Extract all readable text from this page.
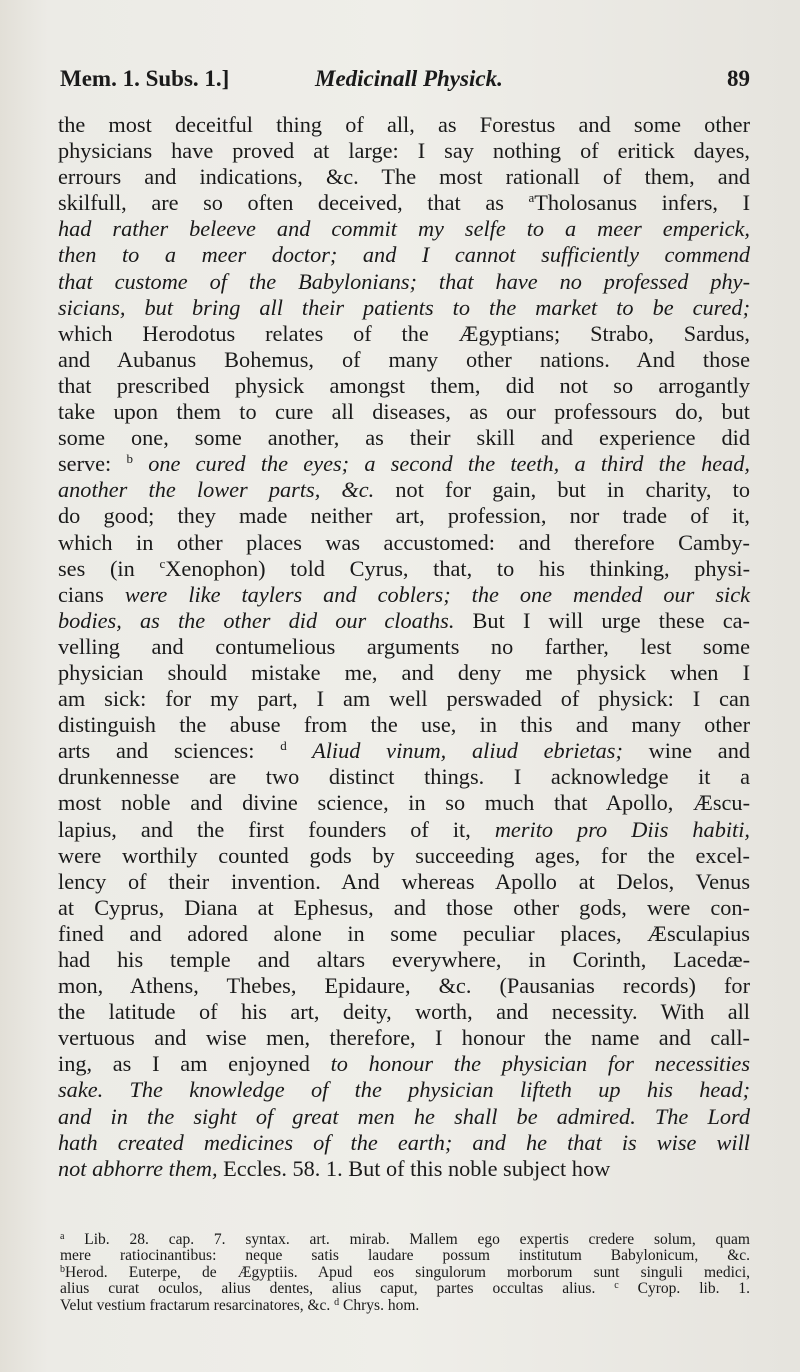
Mem. 1. Subs. 1.]	Medicinall Physick.	89
the most deceitful thing of all, as Forestus and some other
physicians have proved at large: I say nothing of eritick dayes,
errours and indications, &c. The most rationall of them, and
skilfull, are so often deceived, that as $^a$Tholosanus infers, I
had rather beleeve and commit my selfe to a meer emperick,
then to a meer doctor; and I cannot sufficiently commend
that custome of the Babylonians; that have no professed phy-
sicians, but bring all their patients to the market to be cured;
which Herodotus relates of the Ægyptians; Strabo, Sardus,
and Aubanus Bohemus, of many other nations. And those
that prescribed physick amongst them, did not so arrogantly
take upon them to cure all diseases, as our professours do, but
some one, some another, as their skill and experience did
serve: $^b$ one cured the eyes; a second the teeth, a third the head,
another the lower parts, &c. not for gain, but in charity, to
do good; they made neither art, profession, nor trade of it,
which in other places was accustomed: and therefore Camby-
ses (in $^c$Xenophon) told Cyrus, that, to his thinking, physi-
cians were like taylers and coblers; the one mended our sick
bodies, as the other did our cloaths. But I will urge these ca-
velling and contumelious arguments no farther, lest some
physician should mistake me, and deny me physick when I
am sick: for my part, I am well perswaded of physick: I can
distinguish the abuse from the use, in this and many other
arts and sciences: $^d$ Aliud vinum, aliud ebrietas; wine and
drunkennesse are two distinct things. I acknowledge it a
most noble and divine science, in so much that Apollo, Æscu-
lapius, and the first founders of it, merito pro Diis habiti,
were worthily counted gods by succeeding ages, for the excel-
lency of their invention. And whereas Apollo at Delos, Venus
at Cyprus, Diana at Ephesus, and those other gods, were con-
fined and adored alone in some peculiar places, Æsculapius
had his temple and altars everywhere, in Corinth, Lacedæ-
mon, Athens, Thebes, Epidaure, &c. (Pausanias records) for
the latitude of his art, deity, worth, and necessity. With all
vertuous and wise men, therefore, I honour the name and call-
ing, as I am enjoyned to honour the physician for necessities
sake. The knowledge of the physician lifteth up his head;
and in the sight of great men he shall be admired. The Lord
hath created medicines of the earth; and he that is wise will
not abhorre them, Eccles. 58. 1. But of this noble subject how
$^a$ Lib. 28. cap. 7. syntax. art. mirab. Mallem ego expertis credere solum, quam
mere ratiocinantibus: neque satis laudare possum institutum Babylonicum, &c.
$^b$Herod. Euterpe, de Ægyptiis. Apud eos singulorum morborum sunt singuli medici,
alius curat oculos, alius dentes, alius caput, partes occultas alius. $^c$ Cyrop. lib. 1.
Velut vestium fractarum resarcinatores, &c. $^d$ Chrys. hom.
